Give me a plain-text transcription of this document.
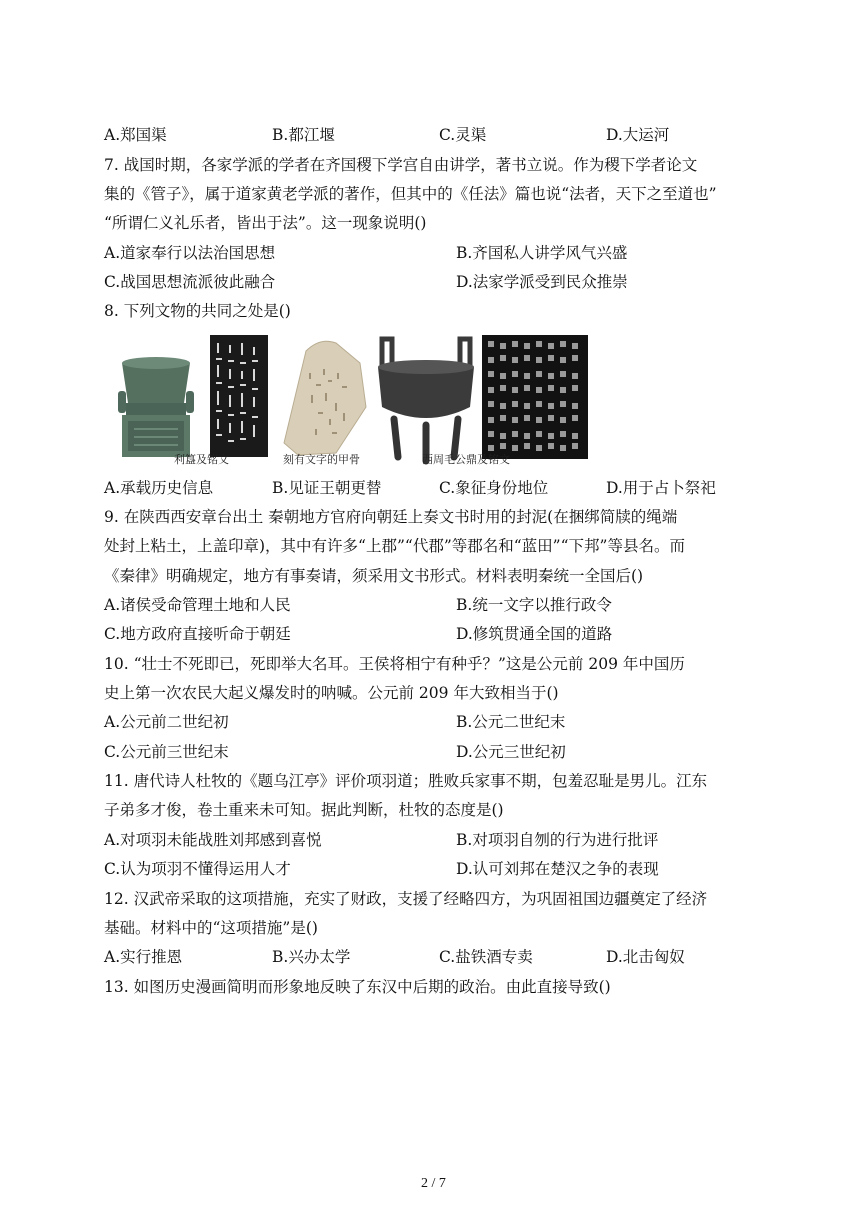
A.郑国渠	B.都江堰	C.灵渠	D.大运河
7. 战国时期，各家学派的学者在齐国稷下学宫自由讲学，著书立说。作为稷下学者论文
集的《管子》，属于道家黄老学派的著作，但其中的《任法》篇也说“法者，天下之至道也”
“所谓仁义礼乐者，皆出于法”。这一现象说明()
A.道家奉行以法治国思想	B.齐国私人讲学风气兴盛
C.战国思想流派彼此融合	D.法家学派受到民众推崇
8. 下列文物的共同之处是()
利簋及铭文	刻有文字的甲骨	西周毛公鼎及铭文
A.承载历史信息	B.见证王朝更替	C.象征身份地位	D.用于占卜祭祀
9. 在陕西西安章台出土 秦朝地方官府向朝廷上奏文书时用的封泥(在捆绑简牍的绳端
处封上粘土，上盖印章)，其中有许多“上郡”“代郡”等郡名和“蓝田”“下邦”等县名。而
《秦律》明确规定，地方有事奏请，须采用文书形式。材料表明秦统一全国后()
A.诸侯受命管理土地和人民	B.统一文字以推行政令
C.地方政府直接听命于朝廷	D.修筑贯通全国的道路
10. “壮士不死即已，死即举大名耳。王侯将相宁有种乎？”这是公元前 209 年中国历
史上第一次农民大起义爆发时的呐喊。公元前 209 年大致相当于()
A.公元前二世纪初	B.公元二世纪末
C.公元前三世纪末	D.公元三世纪初
11. 唐代诗人杜牧的《题乌江亭》评价项羽道；胜败兵家事不期，包羞忍耻是男儿。江东
子弟多才俊，卷土重来未可知。据此判断，杜牧的态度是()
A.对项羽未能战胜刘邦感到喜悦	B.对项羽自刎的行为进行批评
C.认为项羽不懂得运用人才	D.认可刘邦在楚汉之争的表现
12. 汉武帝采取的这项措施，充实了财政，支援了经略四方，为巩固祖国边疆奠定了经济
基础。材料中的“这项措施”是()
A.实行推恩	B.兴办太学	C.盐铁酒专卖	D.北击匈奴
13. 如图历史漫画简明而形象地反映了东汉中后期的政治。由此直接导致()
2 / 7
